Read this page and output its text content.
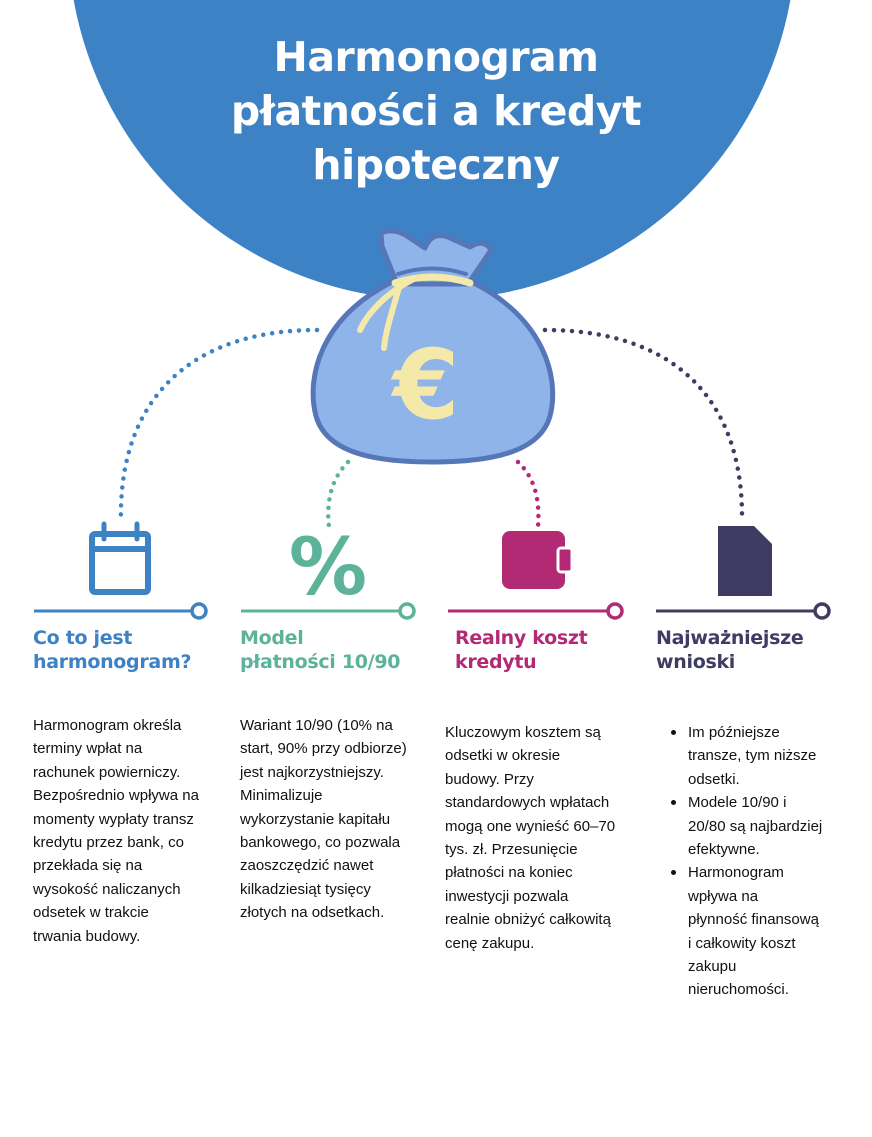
Harmonogram
płatności a kredyt
hipoteczny
€
%
Co to jest
harmonogram?
Model
płatności 10/90
Realny koszt
kredytu
Najważniejsze
wnioski

Harmonogram określa
terminy wpłat na
rachunek powierniczy.
Bezpośrednio wpływa na
momenty wypłaty transz
kredytu przez bank, co
przekłada się na
wysokość naliczanych
odsetek w trakcie
trwania budowy.

Wariant 10/90 (10% na
start, 90% przy odbiorze)
jest najkorzystniejszy.
Minimalizuje
wykorzystanie kapitału
bankowego, co pozwala
zaoszczędzić nawet
kilkadziesiąt tysięcy
złotych na odsetkach.

Kluczowym kosztem są
odsetki w okresie
budowy. Przy
standardowych wpłatach
mogą one wynieść 60–70
tys. zł. Przesunięcie
płatności na koniec
inwestycji pozwala
realnie obniżyć całkowitą
cenę zakupu.

Im późniejsze
transze, tym niższe
odsetki.
Modele 10/90 i
20/80 są najbardziej
efektywne.
Harmonogram
wpływa na
płynność finansową
i całkowity koszt
zakupu
nieruchomości.
